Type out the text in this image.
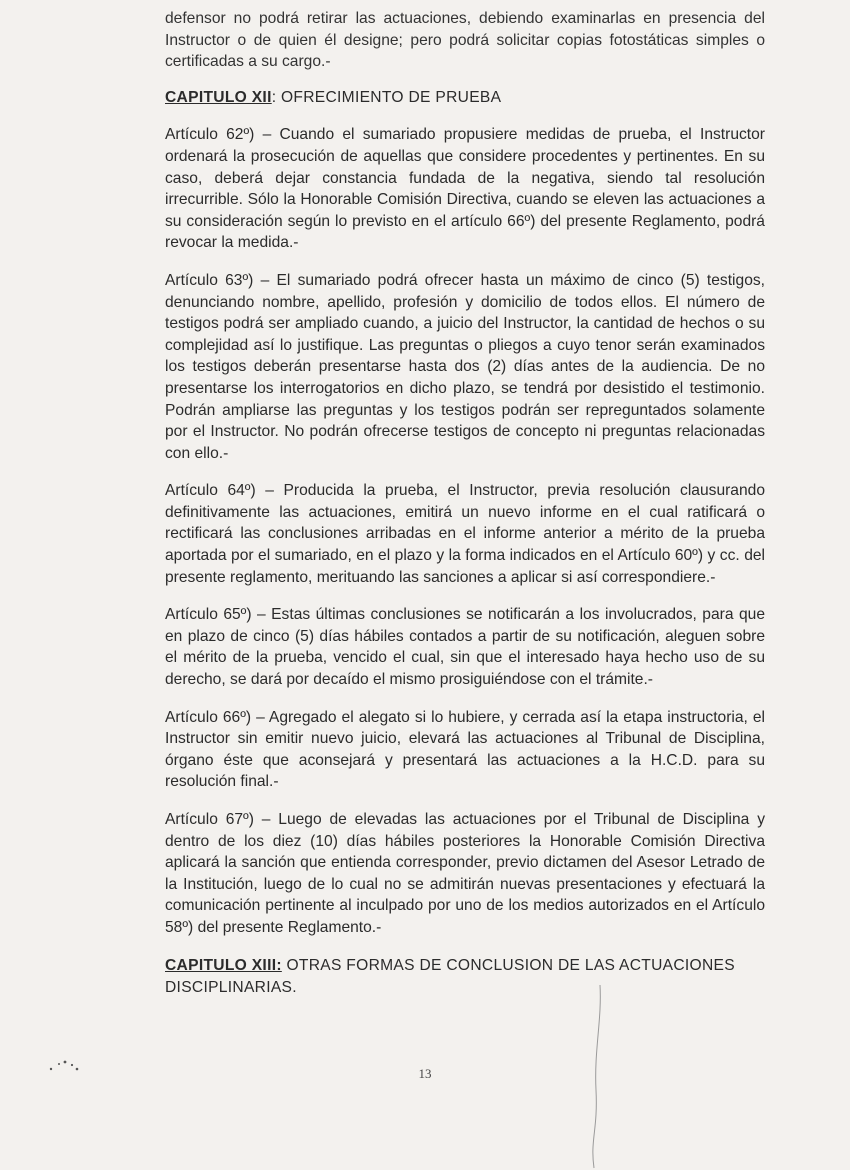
defensor no podrá retirar las actuaciones, debiendo examinarlas en presencia del Instructor o de quien él designe; pero podrá solicitar copias fotostáticas simples o certificadas a su cargo.-

CAPITULO XII: OFRECIMIENTO DE PRUEBA

Artículo 62º) – Cuando el sumariado propusiere medidas de prueba, el Instructor ordenará la prosecución de aquellas que considere procedentes y pertinentes. En su caso, deberá dejar constancia fundada de la negativa, siendo tal resolución irrecurrible. Sólo la Honorable Comisión Directiva, cuando se eleven las actuaciones a su consideración según lo previsto en el artículo 66º) del presente Reglamento, podrá revocar la medida.-

Artículo 63º) – El sumariado podrá ofrecer hasta un máximo de cinco (5) testigos, denunciando nombre, apellido, profesión y domicilio de todos ellos. El número de testigos podrá ser ampliado cuando, a juicio del Instructor, la cantidad de hechos o su complejidad así lo justifique. Las preguntas o pliegos a cuyo tenor serán examinados los testigos deberán presentarse hasta dos (2) días antes de la audiencia. De no presentarse los interrogatorios en dicho plazo, se tendrá por desistido el testimonio. Podrán ampliarse las preguntas y los testigos podrán ser repreguntados solamente por el Instructor. No podrán ofrecerse testigos de concepto ni preguntas relacionadas con ello.-

Artículo 64º) – Producida la prueba, el Instructor, previa resolución clausurando definitivamente las actuaciones, emitirá un nuevo informe en el cual ratificará o rectificará las conclusiones arribadas en el informe anterior a mérito de la prueba aportada por el sumariado, en el plazo y la forma indicados en el Artículo 60º) y cc. del presente reglamento, merituando las sanciones a aplicar si así correspondiere.-

Artículo 65º) – Estas últimas conclusiones se notificarán a los involucrados, para que en plazo de cinco (5) días hábiles contados a partir de su notificación, aleguen sobre el mérito de la prueba, vencido el cual, sin que el interesado haya hecho uso de su derecho, se dará por decaído el mismo prosiguiéndose con el trámite.-

Artículo 66º) – Agregado el alegato si lo hubiere, y cerrada así la etapa instructoria, el Instructor sin emitir nuevo juicio, elevará las actuaciones al Tribunal de Disciplina, órgano éste que aconsejará y presentará las actuaciones a la H.C.D. para su resolución final.-

Artículo 67º) – Luego de elevadas las actuaciones por el Tribunal de Disciplina y dentro de los diez (10) días hábiles posteriores la Honorable Comisión Directiva aplicará la sanción que entienda corresponder, previo dictamen del Asesor Letrado de la Institución, luego de lo cual no se admitirán nuevas presentaciones y efectuará la comunicación pertinente al inculpado por uno de los medios autorizados en el Artículo 58º) del presente Reglamento.-

CAPITULO XIII: OTRAS FORMAS DE CONCLUSION DE LAS ACTUACIONES DISCIPLINARIAS.

13
